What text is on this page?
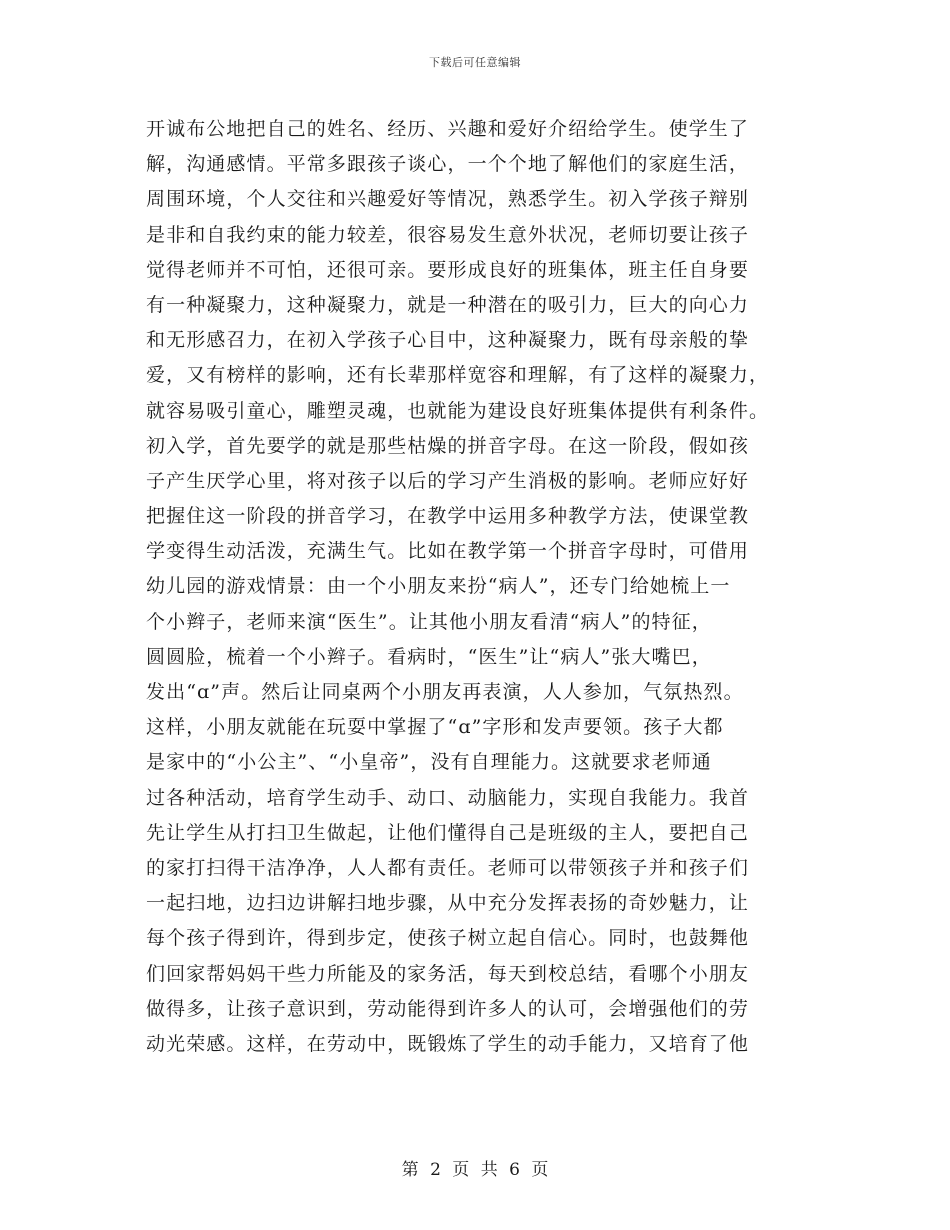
下载后可任意编辑
开诚布公地把自己的姓名、经历、兴趣和爱好介绍给学生。使学生了
解，沟通感情。平常多跟孩子谈心，一个个地了解他们的家庭生活，
周围环境，个人交往和兴趣爱好等情况，熟悉学生。初入学孩子辩别
是非和自我约束的能力较差，很容易发生意外状况，老师切要让孩子
觉得老师并不可怕，还很可亲。要形成良好的班集体，班主任自身要
有一种凝聚力，这种凝聚力，就是一种潜在的吸引力，巨大的向心力
和无形感召力，在初入学孩子心目中，这种凝聚力，既有母亲般的挚
爱，又有榜样的影响，还有长辈那样宽容和理解，有了这样的凝聚力，
就容易吸引童心，雕塑灵魂，也就能为建设良好班集体提供有利条件。
初入学，首先要学的就是那些枯燥的拼音字母。在这一阶段，假如孩
子产生厌学心里，将对孩子以后的学习产生消极的影响。老师应好好
把握住这一阶段的拼音学习，在教学中运用多种教学方法，使课堂教
学变得生动活泼，充满生气。比如在教学第一个拼音字母时，可借用
幼儿园的游戏情景：由一个小朋友来扮“病人”，还专门给她梳上一
个小辫子，老师来演“医生”。让其他小朋友看清“病人”的特征，
圆圆脸，梳着一个小辫子。看病时，“医生”让“病人”张大嘴巴，
发出“ɑ”声。然后让同桌两个小朋友再表演，人人参加，气氛热烈。
这样，小朋友就能在玩耍中掌握了“ɑ”字形和发声要领。孩子大都
是家中的“小公主”、“小皇帝”，没有自理能力。这就要求老师通
过各种活动，培育学生动手、动口、动脑能力，实现自我能力。我首
先让学生从打扫卫生做起，让他们懂得自己是班级的主人，要把自己
的家打扫得干洁净净，人人都有责任。老师可以带领孩子并和孩子们
一起扫地，边扫边讲解扫地步骤，从中充分发挥表扬的奇妙魅力，让
每个孩子得到许，得到步定，使孩子树立起自信心。同时，也鼓舞他
们回家帮妈妈干些力所能及的家务活，每天到校总结，看哪个小朋友
做得多，让孩子意识到，劳动能得到许多人的认可，会增强他们的劳
动光荣感。这样，在劳动中，既锻炼了学生的动手能力，又培育了他
第 2 页 共 6 页
